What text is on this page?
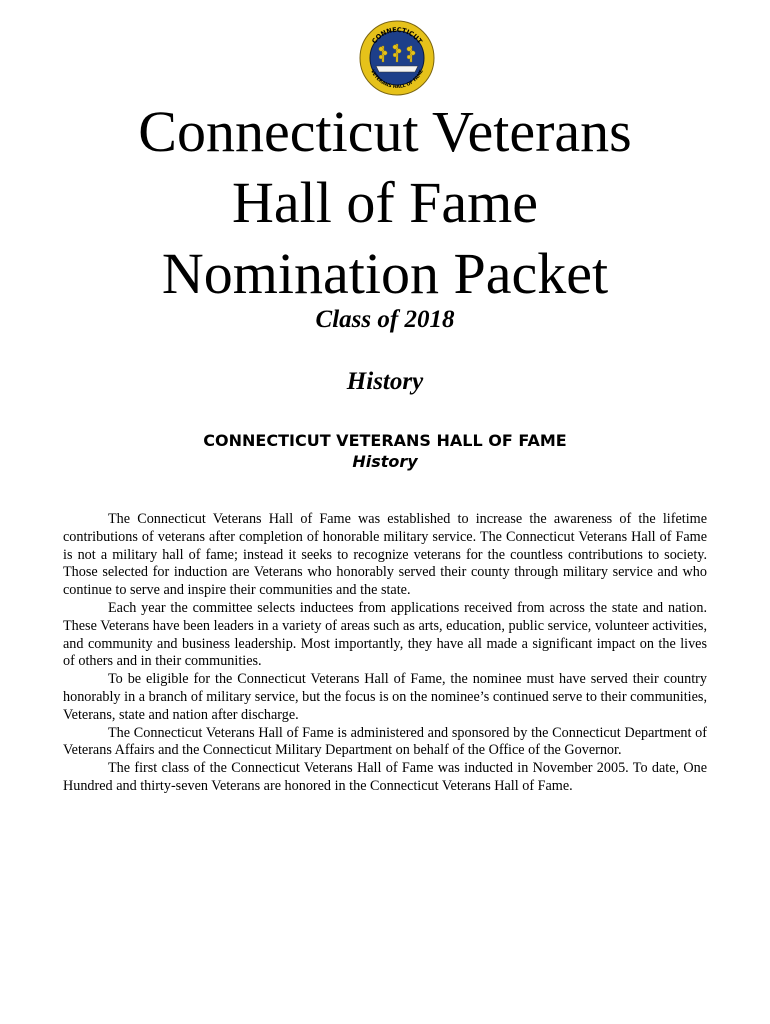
CONNECTICUT
VETERANS HALL OF FAME
Connecticut Veterans
Hall of Fame
Nomination Packet
Class of 2018
History
CONNECTICUT VETERANS HALL OF FAME
History

The Connecticut Veterans Hall of Fame was established to increase the awareness of the lifetime contributions of veterans after completion of honorable military service. The Connecticut Veterans Hall of Fame is not a military hall of fame; instead it seeks to recognize veterans for the countless contributions to society. Those selected for induction are Veterans who honorably served their county through military service and who continue to serve and inspire their communities and the state.

Each year the committee selects inductees from applications received from across the state and nation. These Veterans have been leaders in a variety of areas such as arts, education, public service, volunteer activities, and community and business leadership. Most importantly, they have all made a significant impact on the lives of others and in their communities.

To be eligible for the Connecticut Veterans Hall of Fame, the nominee must have served their country honorably in a branch of military service, but the focus is on the nominee’s continued serve to their communities, Veterans, state and nation after discharge.

The Connecticut Veterans Hall of Fame is administered and sponsored by the Connecticut Department of Veterans Affairs and the Connecticut Military Department on behalf of the Office of the Governor.

The first class of the Connecticut Veterans Hall of Fame was inducted in November 2005. To date, One Hundred and thirty-seven Veterans are honored in the Connecticut Veterans Hall of Fame.
